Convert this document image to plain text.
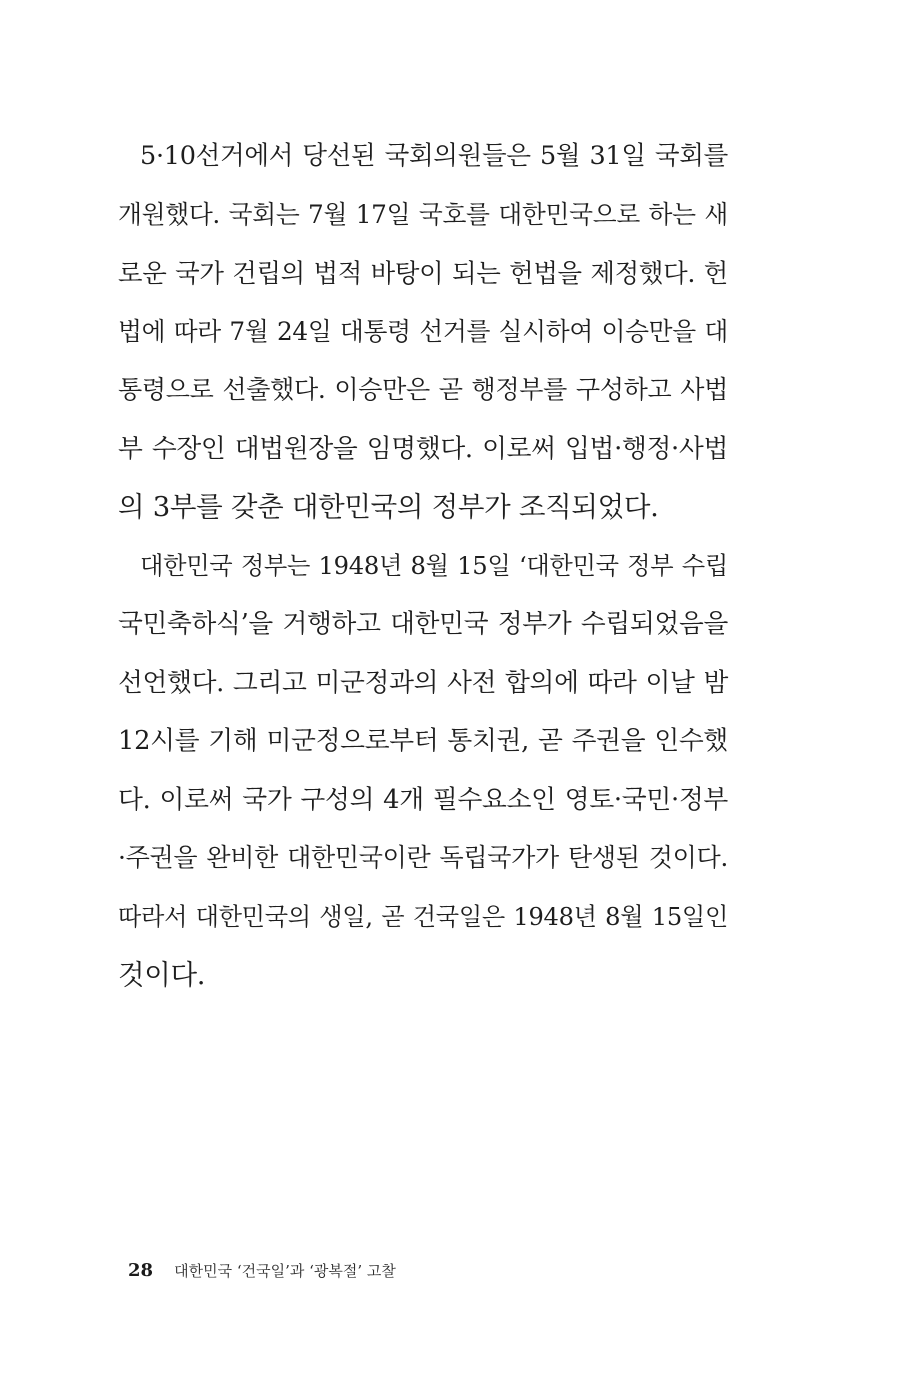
5·10선거에서 당선된 국회의원들은 5월 31일 국회를
개원했다. 국회는 7월 17일 국호를 대한민국으로 하는 새
로운 국가 건립의 법적 바탕이 되는 헌법을 제정했다. 헌
법에 따라 7월 24일 대통령 선거를 실시하여 이승만을 대
통령으로 선출했다. 이승만은 곧 행정부를 구성하고 사법
부 수장인 대법원장을 임명했다. 이로써 입법·행정·사법
의 3부를 갖춘 대한민국의 정부가 조직되었다.
대한민국 정부는 1948년 8월 15일 ‘대한민국 정부 수립
국민축하식’을 거행하고 대한민국 정부가 수립되었음을
선언했다. 그리고 미군정과의 사전 합의에 따라 이날 밤
12시를 기해 미군정으로부터 통치권, 곧 주권을 인수했
다. 이로써 국가 구성의 4개 필수요소인 영토·국민·정부
·주권을 완비한 대한민국이란 독립국가가 탄생된 것이다.
따라서 대한민국의 생일, 곧 건국일은 1948년 8월 15일인
것이다.
28 대한민국 ‘건국일’과 ‘광복절’ 고찰
